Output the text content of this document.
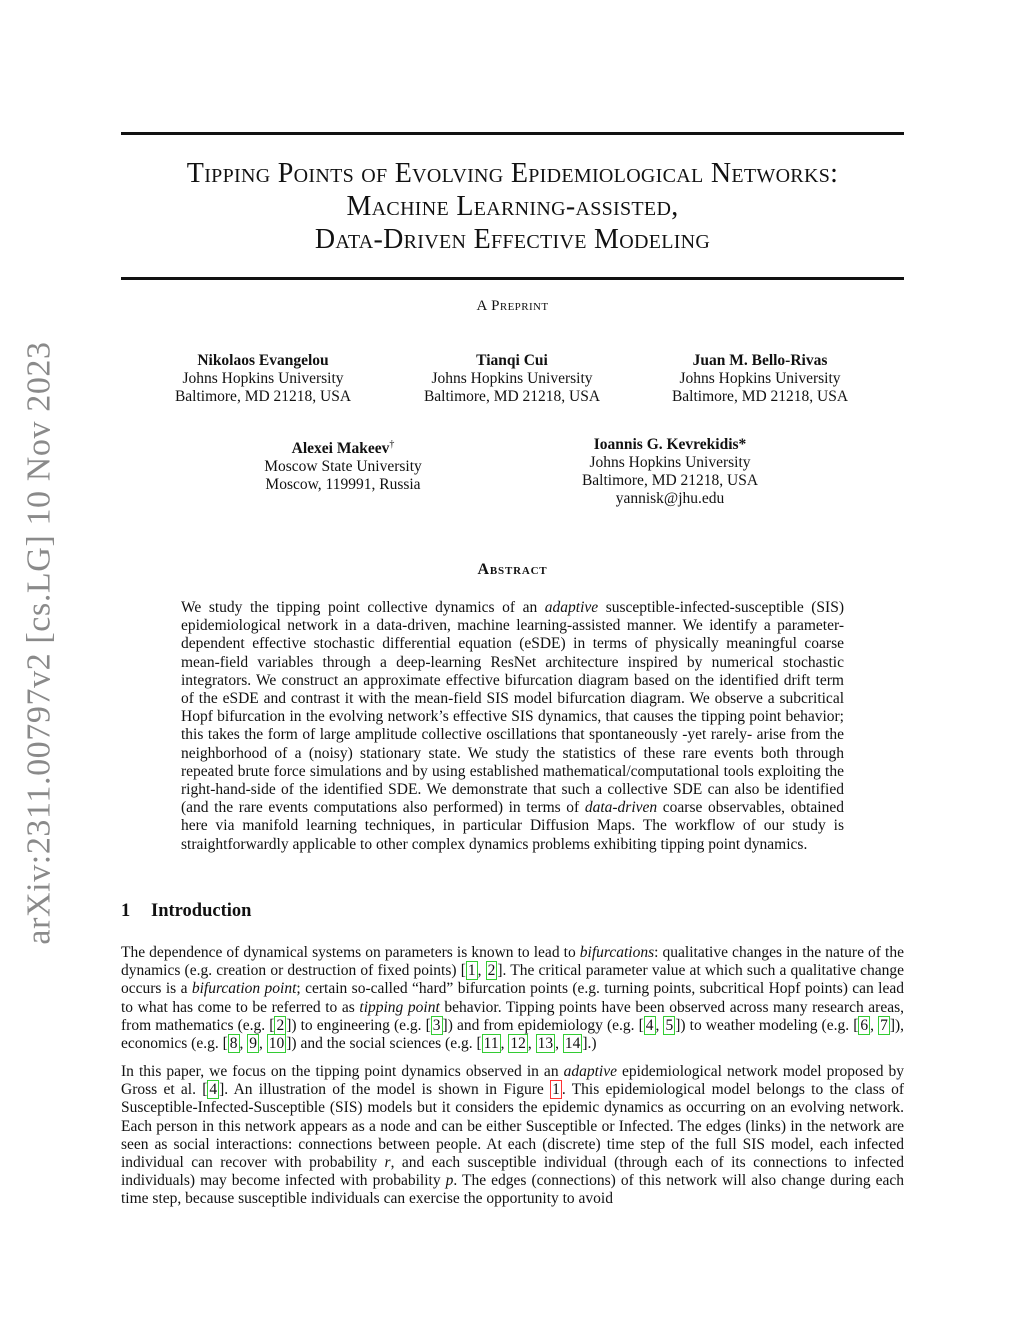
arXiv:2311.00797v2 [cs.LG] 10 Nov 2023
Tipping Points of Evolving Epidemiological Networks:
Machine Learning-assisted,
Data-Driven Effective Modeling
A Preprint
Nikolaos Evangelou
Johns Hopkins University
Baltimore, MD 21218, USA
Tianqi Cui
Johns Hopkins University
Baltimore, MD 21218, USA
Juan M. Bello-Rivas
Johns Hopkins University
Baltimore, MD 21218, USA
Alexei Makeev†
Moscow State University
Moscow, 119991, Russia
Ioannis G. Kevrekidis*
Johns Hopkins University
Baltimore, MD 21218, USA
yannisk@jhu.edu
Abstract
We study the tipping point collective dynamics of an adaptive susceptible-infected-susceptible (SIS) epidemiological network in a data-driven, machine learning-assisted manner. We identify a parameter-dependent effective stochastic differential equation (eSDE) in terms of physically meaningful coarse mean-field variables through a deep-learning ResNet architecture inspired by numerical stochastic integrators. We construct an approximate effective bifurcation diagram based on the identified drift term of the eSDE and contrast it with the mean-field SIS model bifurcation diagram. We observe a subcritical Hopf bifurcation in the evolving network’s effective SIS dynamics, that causes the tipping point behavior; this takes the form of large amplitude collective oscillations that spontaneously -yet rarely- arise from the neighborhood of a (noisy) stationary state. We study the statistics of these rare events both through repeated brute force simulations and by using established mathematical/computational tools exploiting the right-hand-side of the identified SDE. We demonstrate that such a collective SDE can also be identified (and the rare events computations also performed) in terms of data-driven coarse observables, obtained here via manifold learning techniques, in particular Diffusion Maps. The workflow of our study is straightforwardly applicable to other complex dynamics problems exhibiting tipping point dynamics.
1 Introduction
The dependence of dynamical systems on parameters is known to lead to bifurcations: qualitative changes in the nature of the dynamics (e.g. creation or destruction of fixed points) [ 1 , 2 ]. The critical parameter value at which such a qualitative change occurs is a bifurcation point; certain so-called “hard” bifurcation points (e.g. turning points, subcritical Hopf points) can lead to what has come to be referred to as tipping point behavior. Tipping points have been observed across many research areas, from mathematics (e.g. [ 2 ]) to engineering (e.g. [ 3 ]) and from epidemiology (e.g. [ 4 , 5 ]) to weather modeling (e.g. [ 6 , 7 ]), economics (e.g. [ 8 , 9 , 10 ]) and the social sciences (e.g. [ 11 , 12 , 13 , 14 ].)
In this paper, we focus on the tipping point dynamics observed in an adaptive epidemiological network model proposed by Gross et al. [ 4 ]. An illustration of the model is shown in Figure 1 . This epidemiological model belongs to the class of Susceptible-Infected-Susceptible (SIS) models but it considers the epidemic dynamics as occurring on an evolving network. Each person in this network appears as a node and can be either Susceptible or Infected. The edges (links) in the network are seen as social interactions: connections between people. At each (discrete) time step of the full SIS model, each infected individual can recover with probability r, and each susceptible individual (through each of its connections to infected individuals) may become infected with probability p. The edges (connections) of this network will also change during each time step, because susceptible individuals can exercise the opportunity to avoid
